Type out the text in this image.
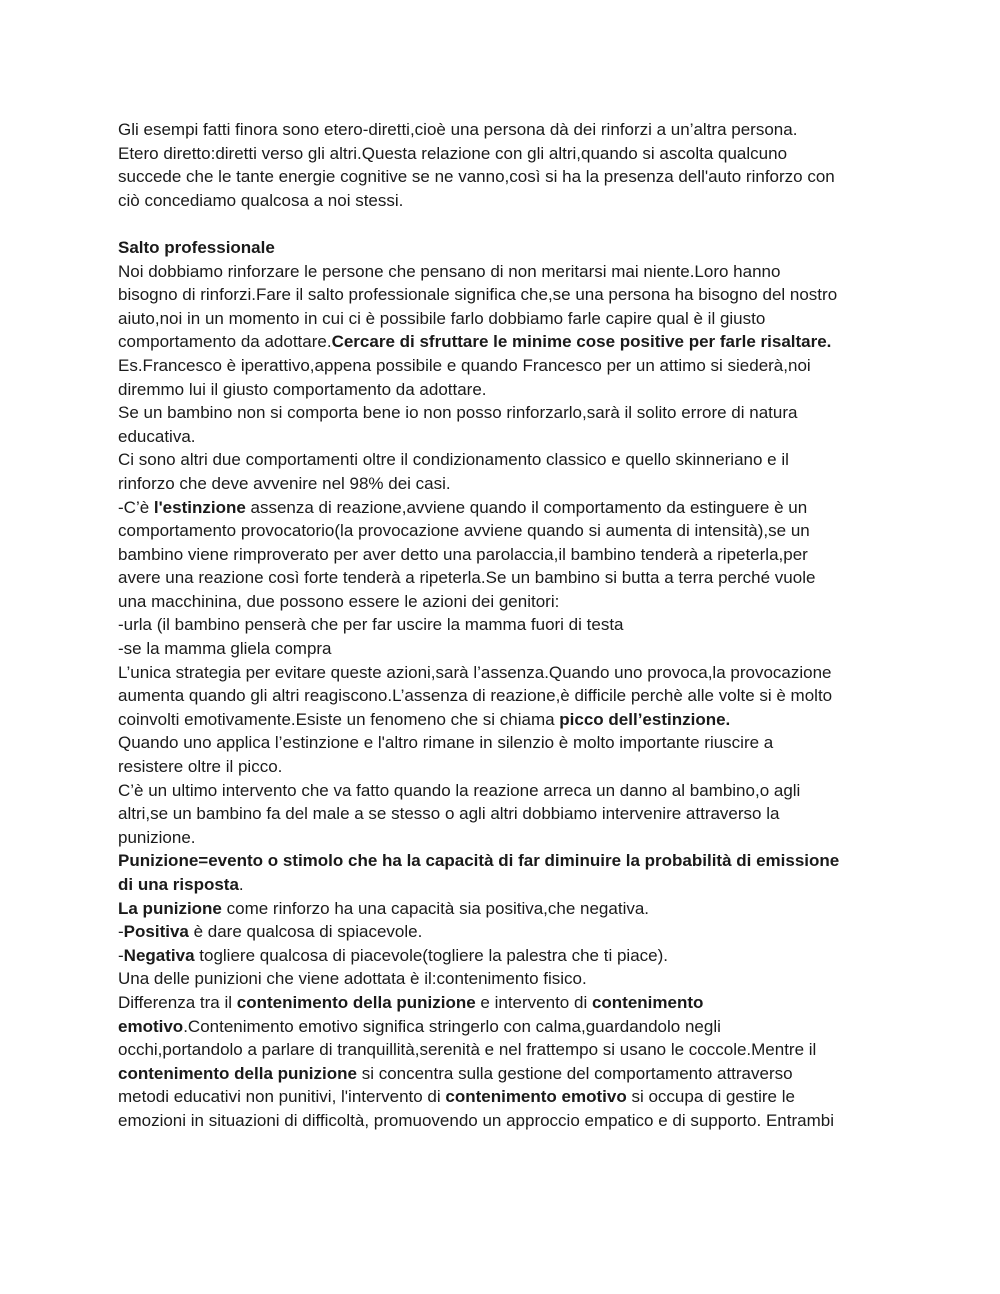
Gli esempi fatti finora sono etero-diretti,cioè una persona dà dei rinforzi a un’altra persona.
Etero diretto:diretti verso gli altri.Questa relazione con gli altri,quando si ascolta qualcuno
succede che le tante energie cognitive se ne vanno,così si ha la presenza dell'auto rinforzo con
ciò concediamo qualcosa a noi stessi.
Salto professionale
Noi dobbiamo rinforzare le persone che pensano di non meritarsi mai niente.Loro hanno
bisogno di rinforzi.Fare il salto professionale significa che,se una persona ha bisogno del nostro
aiuto,noi in un momento in cui ci è possibile farlo dobbiamo farle capire qual è il giusto
comportamento da adottare.Cercare di sfruttare le minime cose positive per farle risaltare.
Es.Francesco è iperattivo,appena possibile e quando Francesco per un attimo si siederà,noi
diremmo lui il giusto comportamento da adottare.
Se un bambino non si comporta bene io non posso rinforzarlo,sarà il solito errore di natura
educativa.
Ci sono altri due comportamenti oltre il condizionamento classico e quello skinneriano e il
rinforzo che deve avvenire nel 98% dei casi.
-C’è l'estinzione assenza di reazione,avviene quando il comportamento da estinguere è un
comportamento provocatorio(la provocazione avviene quando si aumenta di intensità),se un
bambino viene rimproverato per aver detto una parolaccia,il bambino tenderà a ripeterla,per
avere una reazione così forte tenderà a ripeterla.Se un bambino si butta a terra perché vuole
una macchinina, due possono essere le azioni dei genitori:
-urla (il bambino penserà che per far uscire la mamma fuori di testa
-se la mamma gliela compra
L’unica strategia per evitare queste azioni,sarà l’assenza.Quando uno provoca,la provocazione
aumenta quando gli altri reagiscono.L’assenza di reazione,è difficile perchè alle volte si è molto
coinvolti emotivamente.Esiste un fenomeno che si chiama picco dell’estinzione.
Quando uno applica l’estinzione e l'altro rimane in silenzio è molto importante riuscire a
resistere oltre il picco.
C’è un ultimo intervento che va fatto quando la reazione arreca un danno al bambino,o agli
altri,se un bambino fa del male a se stesso o agli altri dobbiamo intervenire attraverso la
punizione.
Punizione=evento o stimolo che ha la capacità di far diminuire la probabilità di emissione
di una risposta.
La punizione come rinforzo ha una capacità sia positiva,che negativa.
-Positiva è dare qualcosa di spiacevole.
-Negativa togliere qualcosa di piacevole(togliere la palestra che ti piace).
Una delle punizioni che viene adottata è il:contenimento fisico.
Differenza tra il contenimento della punizione e intervento di contenimento
emotivo.Contenimento emotivo significa stringerlo con calma,guardandolo negli
occhi,portandolo a parlare di tranquillità,serenità e nel frattempo si usano le coccole.Mentre il
contenimento della punizione si concentra sulla gestione del comportamento attraverso
metodi educativi non punitivi, l'intervento di contenimento emotivo si occupa di gestire le
emozioni in situazioni di difficoltà, promuovendo un approccio empatico e di supporto. Entrambi
